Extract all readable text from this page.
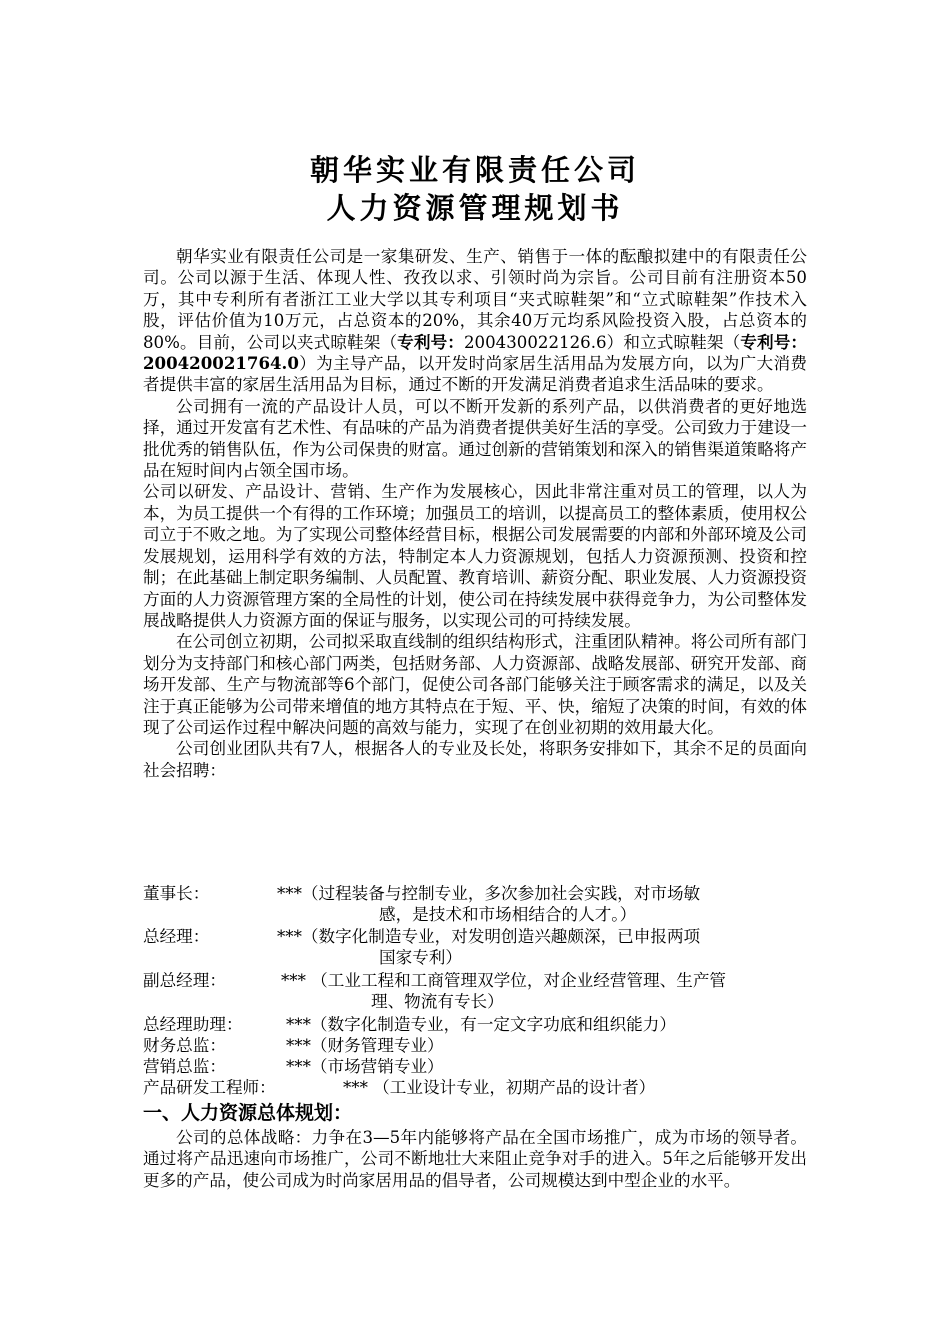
朝华实业有限责任公司
人力资源管理规划书

朝华实业有限责任公司是一家集研发、生产、销售于一体的酝酿拟建中的有限责任公司。公司以源于生活、体现人性、孜孜以求、引领时尚为宗旨。公司目前有注册资本50万，其中专利所有者浙江工业大学以其专利项目“夹式晾鞋架”和“立式晾鞋架”作技术入股，评估价值为10万元，占总资本的20%，其余40万元均系风险投资入股，占总资本的80%。目前，公司以夹式晾鞋架（专利号：200430022126.6）和立式晾鞋架（专利号：200420021764.0）为主导产品，以开发时尚家居生活用品为发展方向，以为广大消费者提供丰富的家居生活用品为目标，通过不断的开发满足消费者追求生活品味的要求。

公司拥有一流的产品设计人员，可以不断开发新的系列产品，以供消费者的更好地选择，通过开发富有艺术性、有品味的产品为消费者提供美好生活的享受。公司致力于建设一批优秀的销售队伍，作为公司保贵的财富。通过创新的营销策划和深入的销售渠道策略将产品在短时间内占领全国市场。

公司以研发、产品设计、营销、生产作为发展核心，因此非常注重对员工的管理，以人为本，为员工提供一个有得的工作环境；加强员工的培训，以提高员工的整体素质，使用权公司立于不败之地。为了实现公司整体经营目标，根据公司发展需要的内部和外部环境及公司发展规划，运用科学有效的方法，特制定本人力资源规划，包括人力资源预测、投资和控制；在此基础上制定职务编制、人员配置、教育培训、薪资分配、职业发展、人力资源投资方面的人力资源管理方案的全局性的计划，使公司在持续发展中获得竞争力，为公司整体发展战略提供人力资源方面的保证与服务，以实现公司的可持续发展。

在公司创立初期，公司拟采取直线制的组织结构形式，注重团队精神。将公司所有部门划分为支持部门和核心部门两类，包括财务部、人力资源部、战略发展部、研究开发部、商场开发部、生产与物流部等6个部门，促使公司各部门能够关注于顾客需求的满足，以及关注于真正能够为公司带来增值的地方其特点在于短、平、快，缩短了决策的时间，有效的体现了公司运作过程中解决问题的高效与能力，实现了在创业初期的效用最大化。

公司创业团队共有7人，根据各人的专业及长处，将职务安排如下，其余不足的员面向社会招聘：

董事长：	***（过程装备与控制专业，多次参加社会实践，对市场敏
感，是技术和市场相结合的人才。）
总经理：	***（数字化制造专业，对发明创造兴趣颇深，已申报两项
国家专利）
副总经理：	*** （工业工程和工商管理双学位，对企业经营管理、生产管
理、物流有专长）
总经理助理：	***（数字化制造专业，有一定文字功底和组织能力）
财务总监：	***（财务管理专业）
营销总监：	***（市场营销专业）
产品研发工程师：	*** （工业设计专业，初期产品的设计者）
一、人力资源总体规划：

公司的总体战略：力争在3—5年内能够将产品在全国市场推广，成为市场的领导者。通过将产品迅速向市场推广，公司不断地壮大来阻止竞争对手的进入。5年之后能够开发出更多的产品，使公司成为时尚家居用品的倡导者，公司规模达到中型企业的水平。
